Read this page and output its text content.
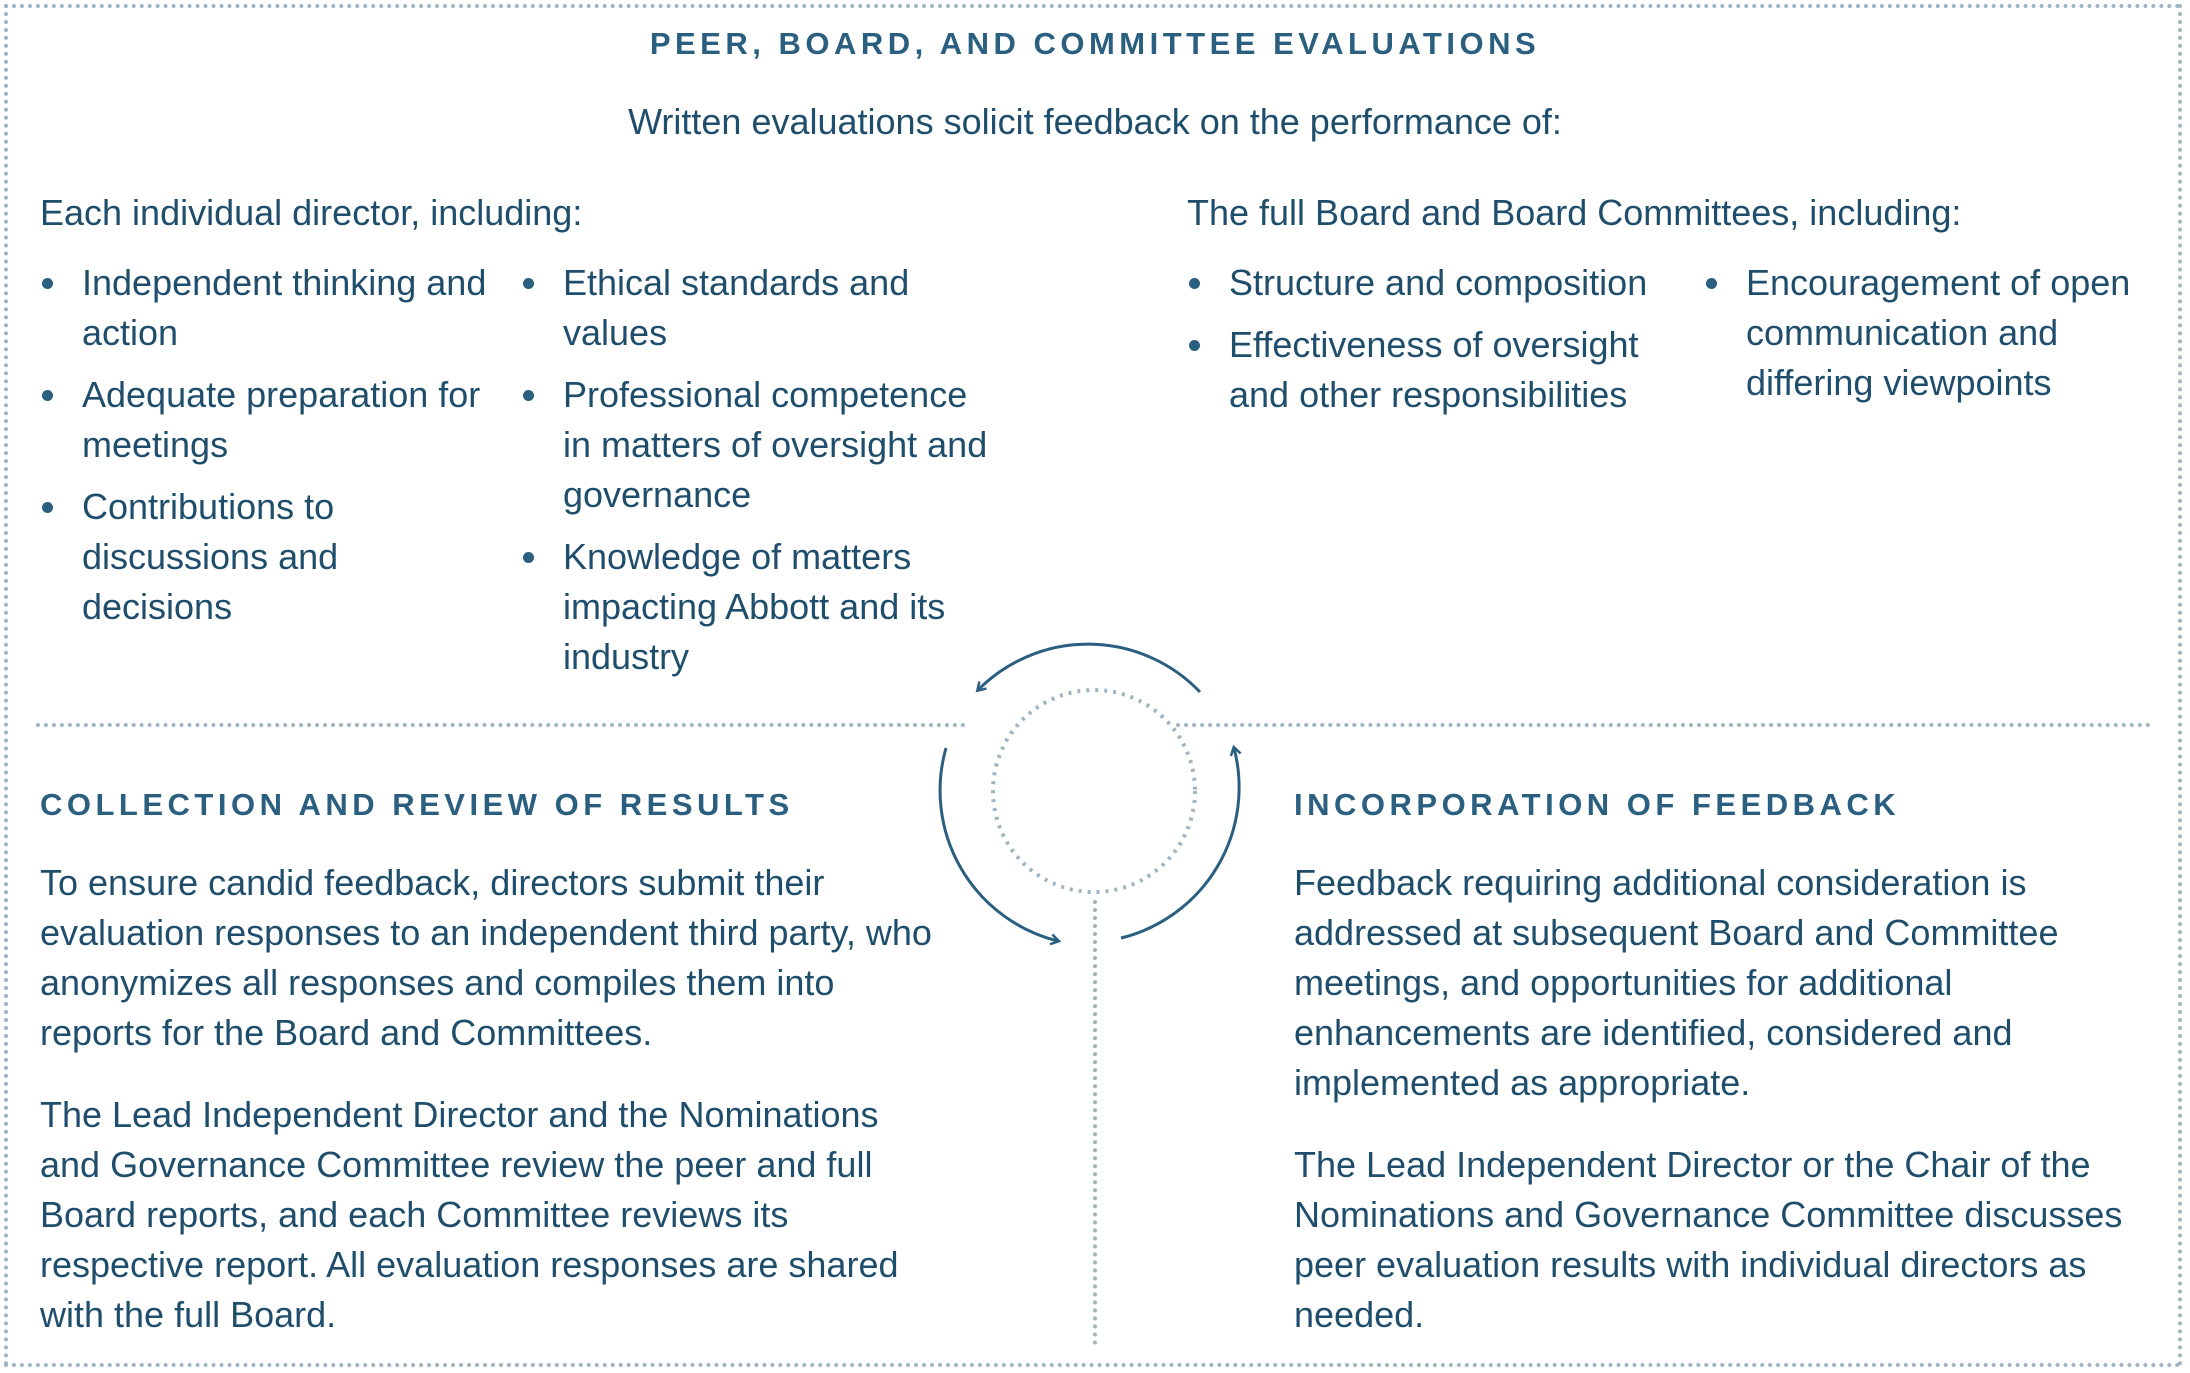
PEER, BOARD, AND COMMITTEE EVALUATIONS
Written evaluations solicit feedback on the performance of:
Each individual director, including:	The full Board and Board Committees, including:
Independent thinking and action
Adequate preparation for meetings
Contributions to discussions and decisions
Ethical standards and values
Professional competence in matters of oversight and governance
Knowledge of matters impacting Abbott and its industry
Structure and composition
Effectiveness of oversight and other responsibilities
Encouragement of open communication and differing viewpoints
COLLECTION AND REVIEW OF RESULTS

To ensure candid feedback, directors submit their evaluation responses to an independent third party, who anonymizes all responses and compiles them into reports for the Board and Committees.

The Lead Independent Director and the Nominations and Governance Committee review the peer and full Board reports, and each Committee reviews its respective report. All evaluation responses are shared with the full Board.

INCORPORATION OF FEEDBACK

Feedback requiring additional consideration is addressed at subsequent Board and Committee meetings, and opportunities for additional enhancements are identified, considered and implemented as appropriate.

The Lead Independent Director or the Chair of the Nominations and Governance Committee discusses peer evaluation results with individual directors as needed.
